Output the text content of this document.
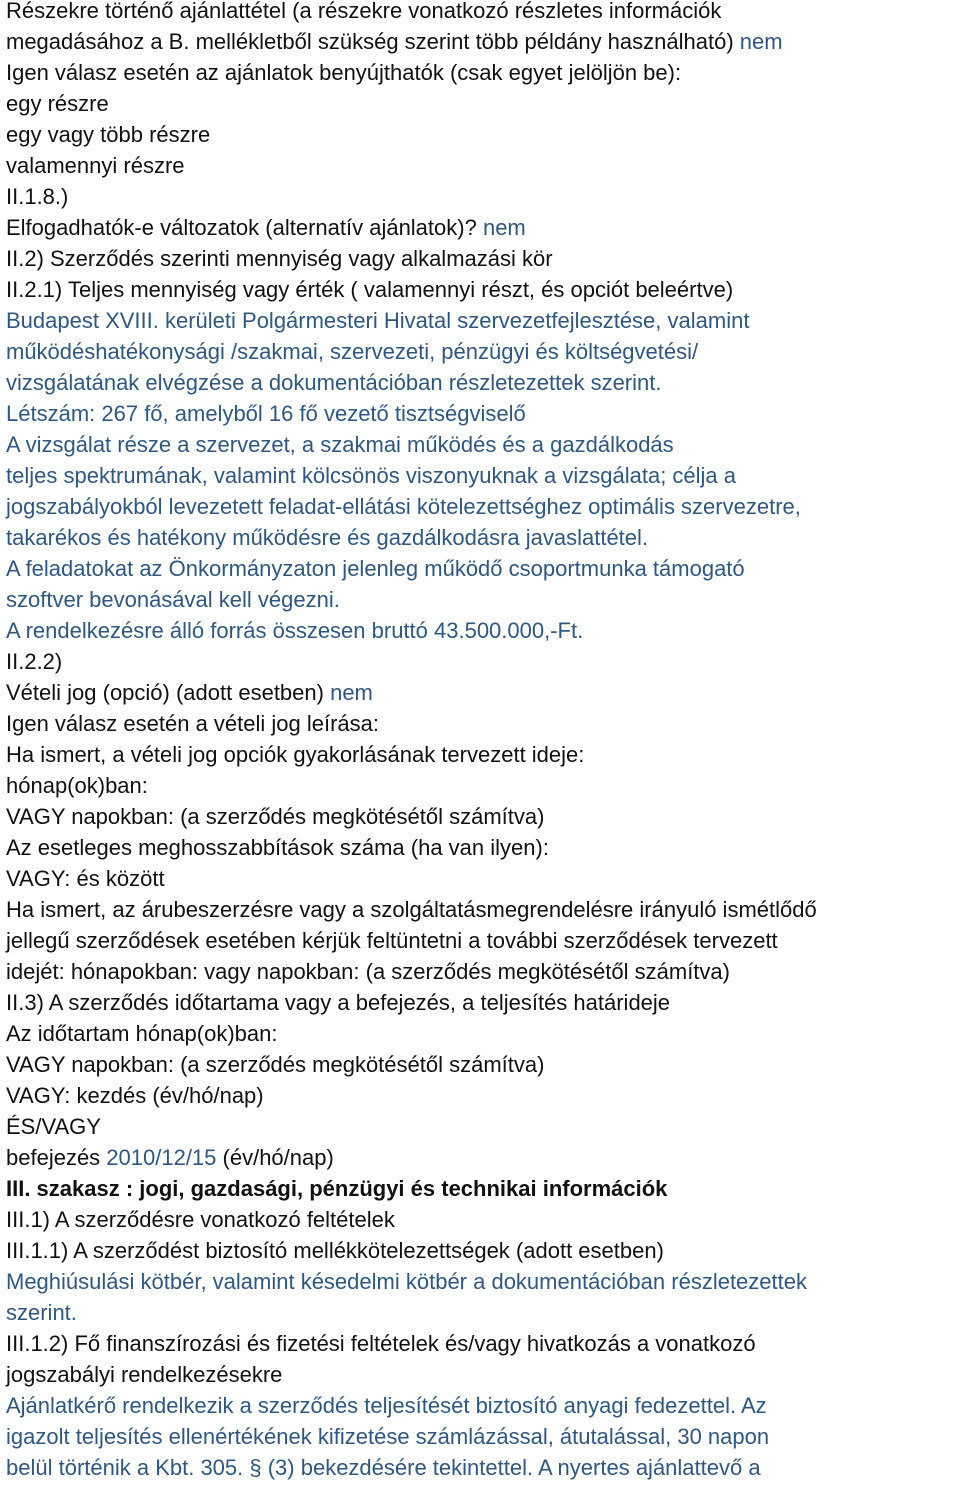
Részekre történő ajánlattétel (a részekre vonatkozó részletes információk
megadásához a B. mellékletből szükség szerint több példány használható) nem
Igen válasz esetén az ajánlatok benyújthatók (csak egyet jelöljön be):
egy részre
egy vagy több részre
valamennyi részre
II.1.8.)
Elfogadhatók-e változatok (alternatív ajánlatok)? nem
II.2) Szerződés szerinti mennyiség vagy alkalmazási kör
II.2.1) Teljes mennyiség vagy érték ( valamennyi részt, és opciót beleértve)
Budapest XVIII. kerületi Polgármesteri Hivatal szervezetfejlesztése, valamint
működéshatékonysági /szakmai, szervezeti, pénzügyi és költségvetési/
vizsgálatának elvégzése a dokumentációban részletezettek szerint.
Létszám: 267 fő, amelyből 16 fő vezető tisztségviselő
A vizsgálat része a szervezet, a szakmai működés és a gazdálkodás
teljes spektrumának, valamint kölcsönös viszonyuknak a vizsgálata; célja a
jogszabályokból levezetett feladat-ellátási kötelezettséghez optimális szervezetre,
takarékos és hatékony működésre és gazdálkodásra javaslattétel.
A feladatokat az Önkormányzaton jelenleg működő csoportmunka támogató
szoftver bevonásával kell végezni.
A rendelkezésre álló forrás összesen bruttó 43.500.000,-Ft.
II.2.2)
Vételi jog (opció) (adott esetben) nem
Igen válasz esetén a vételi jog leírása:
Ha ismert, a vételi jog opciók gyakorlásának tervezett ideje:
hónap(ok)ban:
VAGY napokban: (a szerződés megkötésétől számítva)
Az esetleges meghosszabbítások száma (ha van ilyen):
VAGY: és között
Ha ismert, az árubeszerzésre vagy a szolgáltatásmegrendelésre irányuló ismétlődő
jellegű szerződések esetében kérjük feltüntetni a további szerződések tervezett
idejét: hónapokban: vagy napokban: (a szerződés megkötésétől számítva)
II.3) A szerződés időtartama vagy a befejezés, a teljesítés határideje
Az időtartam hónap(ok)ban:
VAGY napokban: (a szerződés megkötésétől számítva)
VAGY: kezdés (év/hó/nap)
ÉS/VAGY
befejezés 2010/12/15 (év/hó/nap)
III. szakasz : jogi, gazdasági, pénzügyi és technikai információk
III.1) A szerződésre vonatkozó feltételek
III.1.1) A szerződést biztosító mellékkötelezettségek (adott esetben)
Meghiúsulási kötbér, valamint késedelmi kötbér a dokumentációban részletezettek
szerint.
III.1.2) Fő finanszírozási és fizetési feltételek és/vagy hivatkozás a vonatkozó
jogszabályi rendelkezésekre
Ajánlatkérő rendelkezik a szerződés teljesítését biztosító anyagi fedezettel. Az
igazolt teljesítés ellenértékének kifizetése számlázással, átutalással, 30 napon
belül történik a Kbt. 305. § (3) bekezdésére tekintettel. A nyertes ajánlattevő a
